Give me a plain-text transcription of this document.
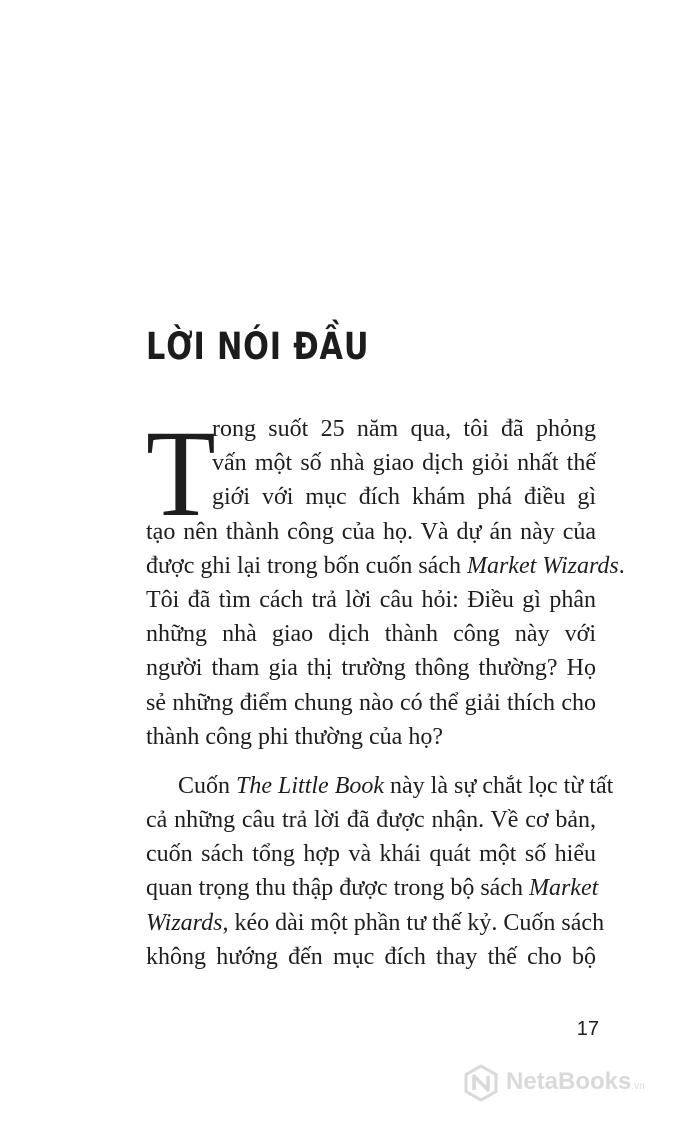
LỜI NÓI ĐẦU
T
rong suốt 25 năm qua, tôi đã phỏng
vấn một số nhà giao dịch giỏi nhất thế
giới với mục đích khám phá điều gì
tạo nên thành công của họ. Và dự án này của
được ghi lại trong bốn cuốn sách Market Wizards.
Tôi đã tìm cách trả lời câu hỏi: Điều gì phân
những nhà giao dịch thành công này với
người tham gia thị trường thông thường? Họ
sẻ những điểm chung nào có thể giải thích cho
thành công phi thường của họ?
Cuốn The Little Book này là sự chắt lọc từ tất
cả những câu trả lời đã được nhận. Về cơ bản,
cuốn sách tổng hợp và khái quát một số hiểu
quan trọng thu thập được trong bộ sách Market
Wizards, kéo dài một phần tư thế kỷ. Cuốn sách
không hướng đến mục đích thay thế cho bộ
17
NetaBooks.vn
